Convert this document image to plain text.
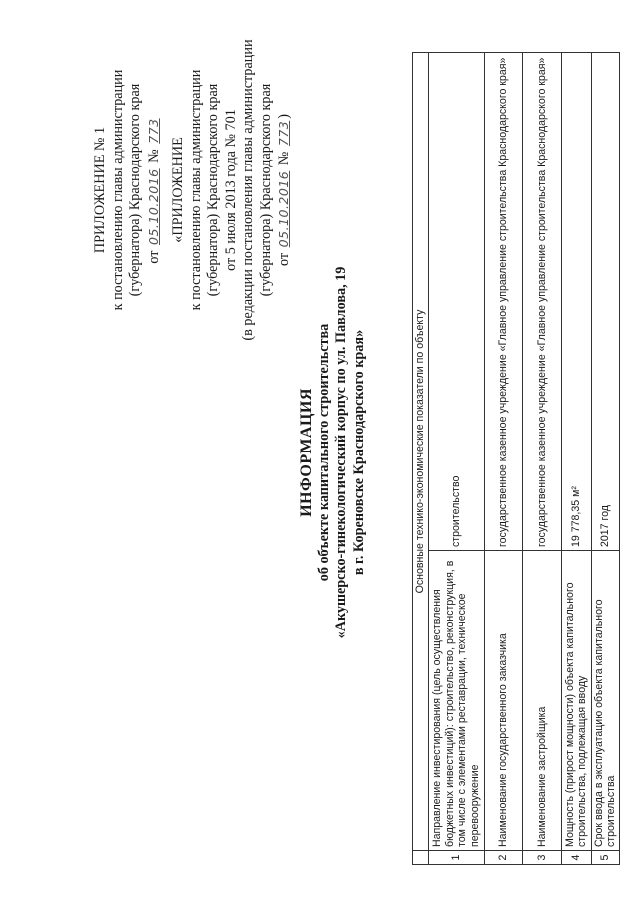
ПРИЛОЖЕНИЕ № 1 к постановлению главы администрации (губернатора) Краснодарского края от 05.10.2016 № 773
«ПРИЛОЖЕНИЕ к постановлению главы администрации (губернатора) Краснодарского края от 5 июля 2013 года № 701 (в редакции постановления главы администрации (губернатора) Краснодарского края от 05.10.2016 № 773)
ИНФОРМАЦИЯ об объекте капитального строительства «Акушерско-гинекологический корпус по ул. Павлова, 19 в г. Кореновске Краснодарского края»
		Основные технико-экономические показатели по объекту	
1	Направление инвестирования (цель осуществления бюджетных инвестиций): строительство, реконструкция, в том числе с элементами реставрации, техническое перевооружение	строительство
2	Наименование государственного заказчика	государственное казенное учреждение «Главное управление строительства Краснодарского края»
3	Наименование застройщика	государственное казенное учреждение «Главное управление строительства Краснодарского края»
4	Мощность (прирост мощности) объекта капитального строительства, подлежащая вводу	19 778,35 м²
5	Срок ввода в эксплуатацию объекта капитального строительства	2017 год
